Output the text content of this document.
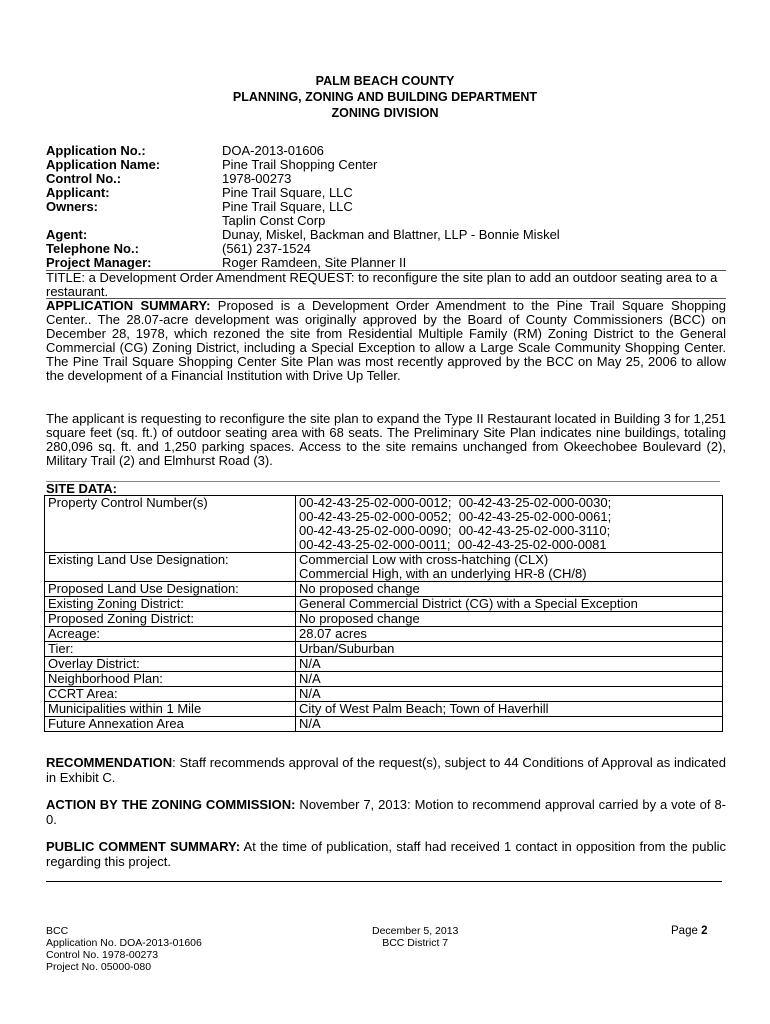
PALM BEACH COUNTY
PLANNING, ZONING AND BUILDING DEPARTMENT
ZONING DIVISION
Application No.:	DOA-2013-01606
Application Name:	Pine Trail Shopping Center
Control No.:	1978-00273
Applicant:	Pine Trail Square, LLC
Owners:	Pine Trail Square, LLC
Taplin Const Corp
Agent:	Dunay, Miskel, Backman and Blattner, LLP - Bonnie Miskel
Telephone No.:	(561) 237-1524
Project Manager:	Roger Ramdeen, Site Planner II
TITLE: a Development Order Amendment REQUEST: to reconfigure the site plan to add an outdoor seating area to a restaurant.
APPLICATION SUMMARY: Proposed is a Development Order Amendment to the Pine Trail Square Shopping Center.. The 28.07-acre development was originally approved by the Board of County Commissioners (BCC) on December 28, 1978, which rezoned the site from Residential Multiple Family (RM) Zoning District to the General Commercial (CG) Zoning District, including a Special Exception to allow a Large Scale Community Shopping Center. The Pine Trail Square Shopping Center Site Plan was most recently approved by the BCC on May 25, 2006 to allow the development of a Financial Institution with Drive Up Teller.
The applicant is requesting to reconfigure the site plan to expand the Type II Restaurant located in Building 3 for 1,251 square feet (sq. ft.) of outdoor seating area with 68 seats. The Preliminary Site Plan indicates nine buildings, totaling 280,096 sq. ft. and 1,250 parking spaces. Access to the site remains unchanged from Okeechobee Boulevard (2), Military Trail (2) and Elmhurst Road (3).
SITE DATA:
Property Control Number(s)	00-42-43-25-02-000-0012;  00-42-43-25-02-000-0030;
00-42-43-25-02-000-0052;  00-42-43-25-02-000-0061;
00-42-43-25-02-000-0090;  00-42-43-25-02-000-3110;
00-42-43-25-02-000-0011;  00-42-43-25-02-000-0081
Existing Land Use Designation:	Commercial Low with cross-hatching (CLX)
Commercial High, with an underlying HR-8 (CH/8)
Proposed Land Use Designation:	No proposed change
Existing Zoning District:	General Commercial District (CG) with a Special Exception
Proposed Zoning District:	No proposed change
Acreage:	28.07 acres
Tier:	Urban/Suburban
Overlay District:	N/A
Neighborhood Plan:	N/A
CCRT Area:	N/A
Municipalities within 1 Mile	City of West Palm Beach; Town of Haverhill
Future Annexation Area	N/A
RECOMMENDATION: Staff recommends approval of the request(s), subject to 44 Conditions of Approval as indicated in Exhibit C.
ACTION BY THE ZONING COMMISSION: November 7, 2013: Motion to recommend approval carried by a vote of 8-0.
PUBLIC COMMENT SUMMARY: At the time of publication, staff had received 1 contact in opposition from the public regarding this project.
BCC
Application No. DOA-2013-01606
Control No. 1978-00273
Project No. 05000-080
December 5, 2013
BCC District 7
Page 2
